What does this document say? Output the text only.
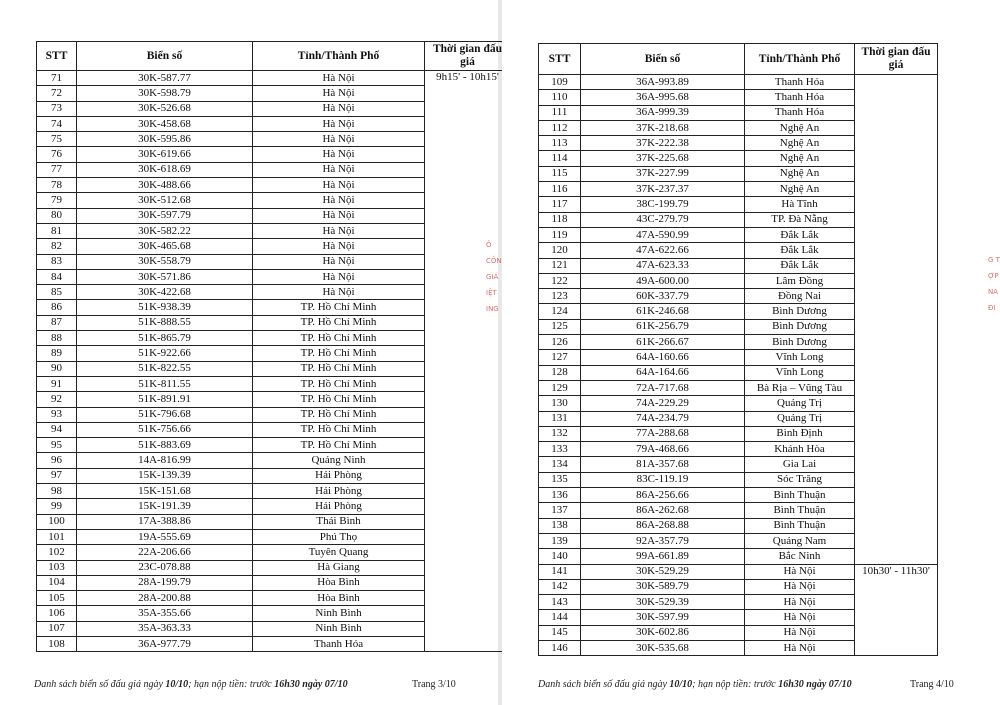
STT	Biển số	Tỉnh/Thành Phố	Thời gian đấu giá
71	30K-587.77	Hà Nội	9h15' - 10h15'
72	30K-598.79	Hà Nội	
73	30K-526.68	Hà Nội	
74	30K-458.68	Hà Nội	
75	30K-595.86	Hà Nội	
76	30K-619.66	Hà Nội	
77	30K-618.69	Hà Nội	
78	30K-488.66	Hà Nội	
79	30K-512.68	Hà Nội	
80	30K-597.79	Hà Nội	
81	30K-582.22	Hà Nội	
82	30K-465.68	Hà Nội	
83	30K-558.79	Hà Nội	
84	30K-571.86	Hà Nội	
85	30K-422.68	Hà Nội	
86	51K-938.39	TP. Hồ Chí Minh	
87	51K-888.55	TP. Hồ Chí Minh	
88	51K-865.79	TP. Hồ Chí Minh	
89	51K-922.66	TP. Hồ Chí Minh	
90	51K-822.55	TP. Hồ Chí Minh	
91	51K-811.55	TP. Hồ Chí Minh	
92	51K-891.91	TP. Hồ Chí Minh	
93	51K-796.68	TP. Hồ Chí Minh	
94	51K-756.66	TP. Hồ Chí Minh	
95	51K-883.69	TP. Hồ Chí Minh	
96	14A-816.99	Quảng Ninh	
97	15K-139.39	Hải Phòng	
98	15K-151.68	Hải Phòng	
99	15K-191.39	Hải Phòng	
100	17A-388.86	Thái Bình	
101	19A-555.69	Phú Thọ	
102	22A-206.66	Tuyên Quang	
103	23C-078.88	Hà Giang	
104	28A-199.79	Hòa Bình	
105	28A-200.88	Hòa Bình	
106	35A-355.66	Ninh Bình	
107	35A-363.33	Ninh Bình	
108	36A-977.79	Thanh Hóa	
Danh sách biển số đấu giá ngày 10/10; hạn nộp tiền: trước 16h30 ngày 07/10	Trang 3/10
Ô
CÔN
GIÁ
IỆT
ING
STT	Biển số	Tỉnh/Thành Phố	Thời gian đấu giá
109	36A-993.89	Thanh Hóa	
110	36A-995.68	Thanh Hóa	
111	36A-999.39	Thanh Hóa	
112	37K-218.68	Nghệ An	
113	37K-222.38	Nghệ An	
114	37K-225.68	Nghệ An	
115	37K-227.99	Nghệ An	
116	37K-237.37	Nghệ An	
117	38C-199.79	Hà Tĩnh	
118	43C-279.79	TP. Đà Nẵng	
119	47A-590.99	Đắk Lắk	
120	47A-622.66	Đắk Lắk	
121	47A-623.33	Đắk Lắk	
122	49A-600.00	Lâm Đồng	
123	60K-337.79	Đồng Nai	
124	61K-246.68	Bình Dương	
125	61K-256.79	Bình Dương	
126	61K-266.67	Bình Dương	
127	64A-160.66	Vĩnh Long	
128	64A-164.66	Vĩnh Long	
129	72A-717.68	Bà Rịa – Vũng Tàu	
130	74A-229.29	Quảng Trị	
131	74A-234.79	Quảng Trị	
132	77A-288.68	Bình Định	
133	79A-468.66	Khánh Hòa	
134	81A-357.68	Gia Lai	
135	83C-119.19	Sóc Trăng	
136	86A-256.66	Bình Thuận	
137	86A-262.68	Bình Thuận	
138	86A-268.88	Bình Thuận	
139	92A-357.79	Quảng Nam	
140	99A-661.89	Bắc Ninh	
141	30K-529.29	Hà Nội	10h30' - 11h30'
142	30K-589.79	Hà Nội	
143	30K-529.39	Hà Nội	
144	30K-597.99	Hà Nội	
145	30K-602.86	Hà Nội	
146	30K-535.68	Hà Nội	
Danh sách biển số đấu giá ngày 10/10; hạn nộp tiền: trước 16h30 ngày 07/10	Trang 4/10
G T
ỢP
NA
ĐI
